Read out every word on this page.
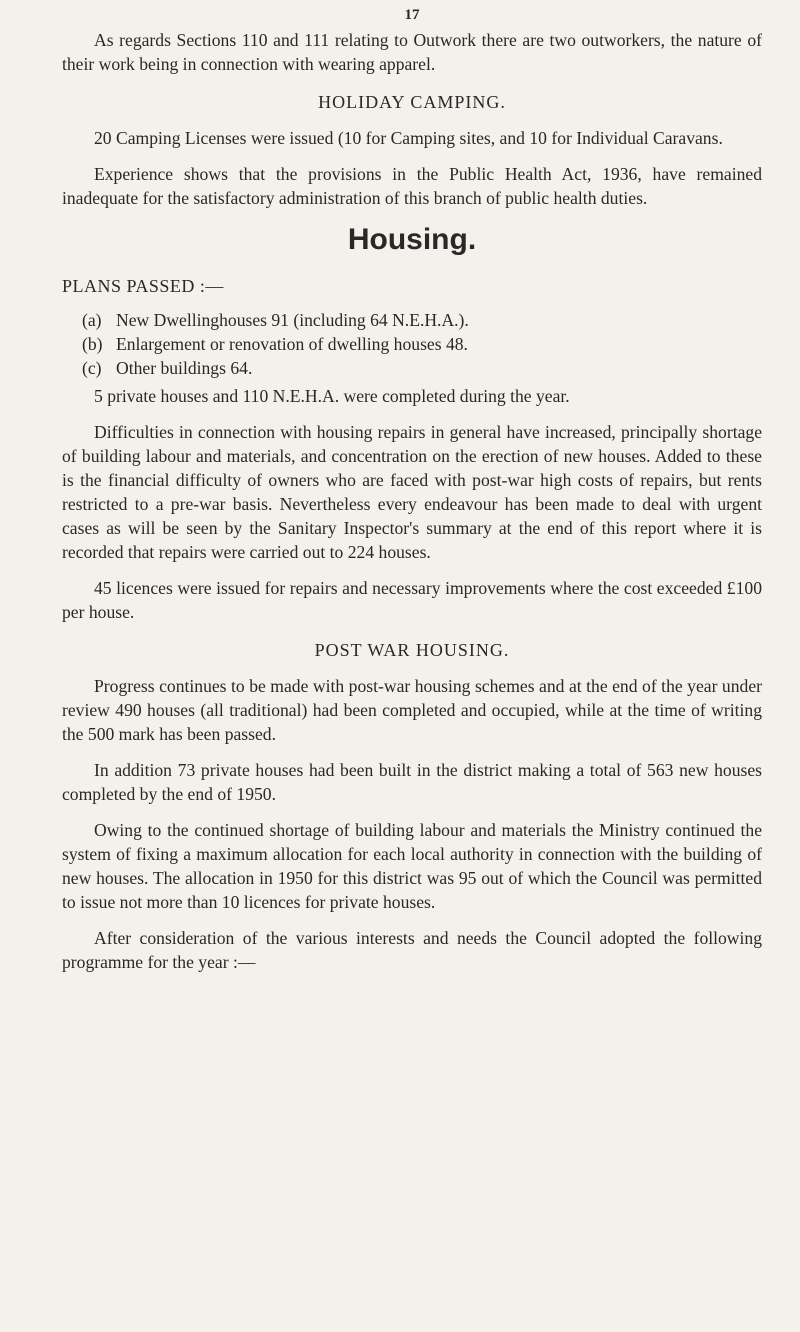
17

As regards Sections 110 and 111 relating to Outwork there are two outworkers, the nature of their work being in connection with wearing apparel.

HOLIDAY CAMPING.

20 Camping Licenses were issued (10 for Camping sites, and 10 for Individual Caravans.

Experience shows that the provisions in the Public Health Act, 1936, have remained inadequate for the satisfactory administration of this branch of public health duties.

Housing.
PLANS PASSED :—
(a) New Dwellinghouses 91 (including 64 N.E.H.A.).
(b) Enlargement or renovation of dwelling houses 48.
(c) Other buildings 64.

5 private houses and 110 N.E.H.A. were completed during the year.

Difficulties in connection with housing repairs in general have increased, principally shortage of building labour and materials, and concentration on the erection of new houses. Added to these is the financial difficulty of owners who are faced with post-war high costs of repairs, but rents restricted to a pre-war basis. Nevertheless every endeavour has been made to deal with urgent cases as will be seen by the Sanitary Inspector's summary at the end of this report where it is recorded that repairs were carried out to 224 houses.

45 licences were issued for repairs and necessary improvements where the cost exceeded £100 per house.

POST WAR HOUSING.

Progress continues to be made with post-war housing schemes and at the end of the year under review 490 houses (all traditional) had been completed and occupied, while at the time of writing the 500 mark has been passed.

In addition 73 private houses had been built in the district making a total of 563 new houses completed by the end of 1950.

Owing to the continued shortage of building labour and materials the Ministry continued the system of fixing a maximum allocation for each local authority in connection with the building of new houses. The allocation in 1950 for this district was 95 out of which the Council was permitted to issue not more than 10 licences for private houses.

After consideration of the various interests and needs the Council adopted the following programme for the year :—
